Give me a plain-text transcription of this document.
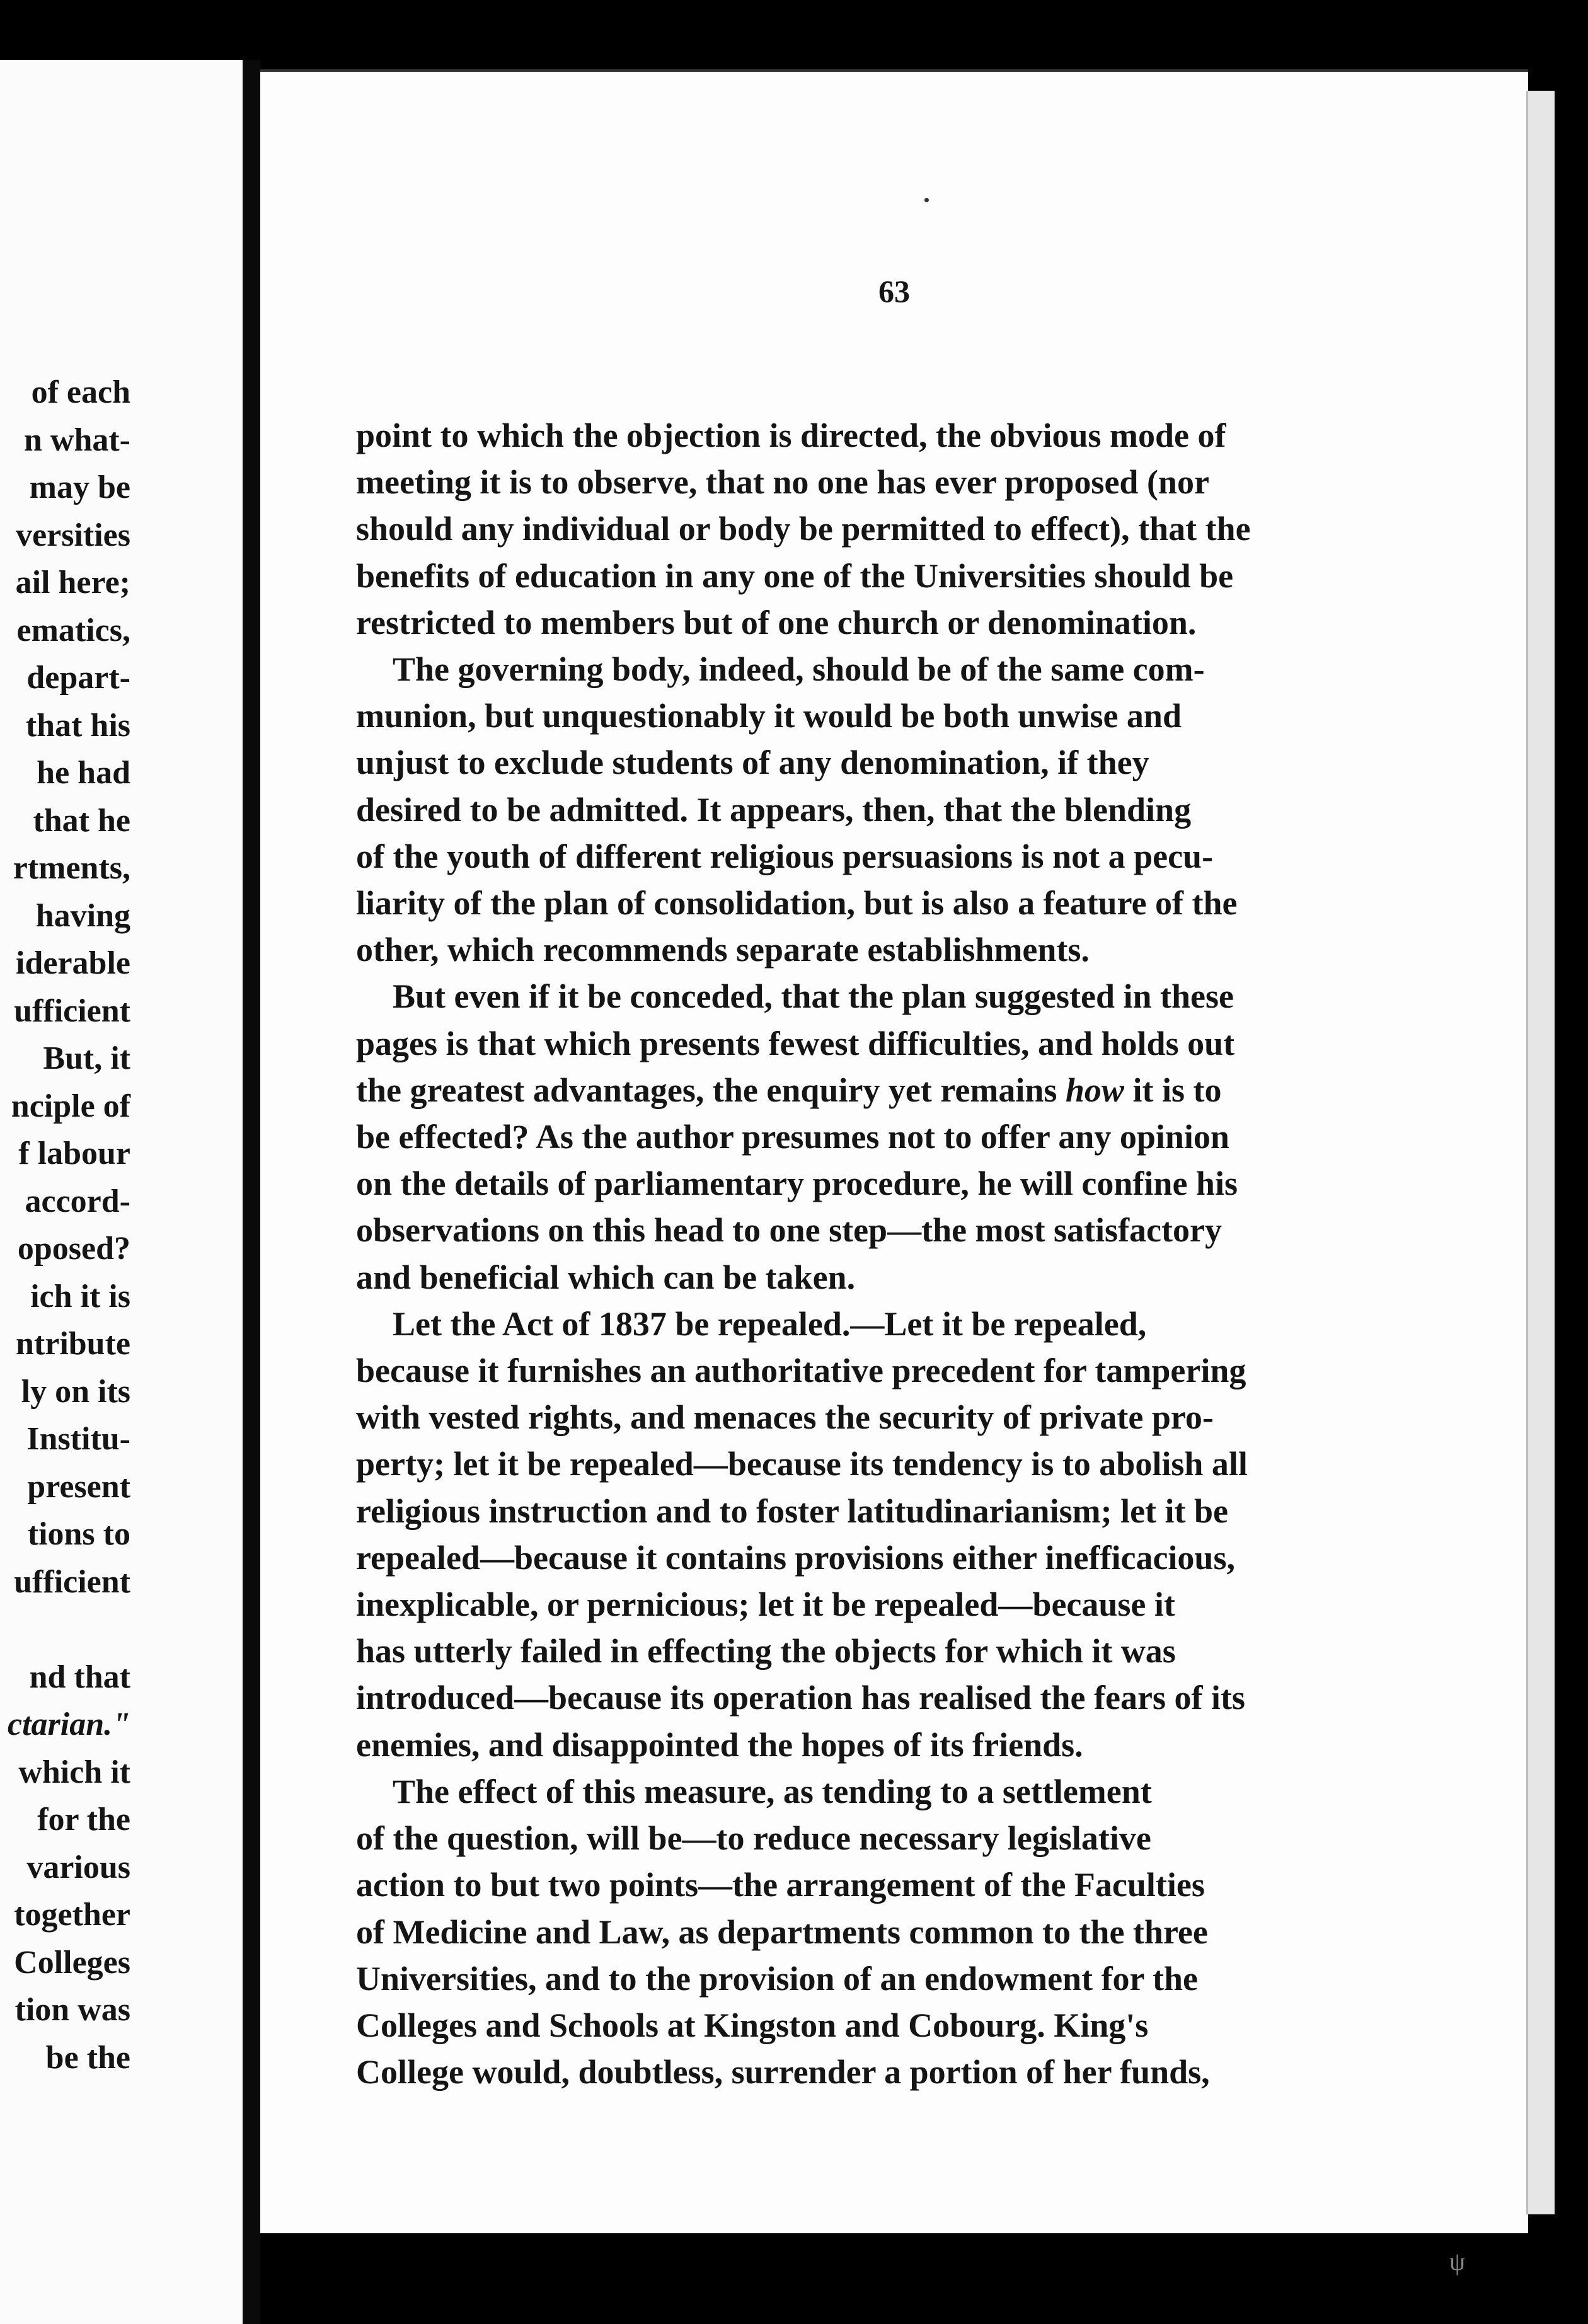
of each
n what-
may be
versities
ail here;
ematics,
depart-
that his
he had
that he
rtments,
having
iderable
ufficient
But, it
nciple of
f labour
accord-
oposed?
ich it is
ntribute
ly on its
Institu-
present
tions to
ufficient
nd that
ctarian."
which it
for the
various
together
Colleges
tion was
be the
63
point to which the objection is directed, the obvious mode of
meeting it is to observe, that no one has ever proposed (nor
should any individual or body be permitted to effect), that the
benefits of education in any one of the Universities should be
restricted to members but of one church or denomination.
The governing body, indeed, should be of the same com-
munion, but unquestionably it would be both unwise and
unjust to exclude students of any denomination, if they
desired to be admitted. It appears, then, that the blending
of the youth of different religious persuasions is not a pecu-
liarity of the plan of consolidation, but is also a feature of the
other, which recommends separate establishments.
But even if it be conceded, that the plan suggested in these
pages is that which presents fewest difficulties, and holds out
the greatest advantages, the enquiry yet remains how it is to
be effected? As the author presumes not to offer any opinion
on the details of parliamentary procedure, he will confine his
observations on this head to one step—the most satisfactory
and beneficial which can be taken.
Let the Act of 1837 be repealed.—Let it be repealed,
because it furnishes an authoritative precedent for tampering
with vested rights, and menaces the security of private pro-
perty; let it be repealed—because its tendency is to abolish all
religious instruction and to foster latitudinarianism; let it be
repealed—because it contains provisions either inefficacious,
inexplicable, or pernicious; let it be repealed—because it
has utterly failed in effecting the objects for which it was
introduced—because its operation has realised the fears of its
enemies, and disappointed the hopes of its friends.
The effect of this measure, as tending to a settlement
of the question, will be—to reduce necessary legislative
action to but two points—the arrangement of the Faculties
of Medicine and Law, as departments common to the three
Universities, and to the provision of an endowment for the
Colleges and Schools at Kingston and Cobourg. King's
College would, doubtless, surrender a portion of her funds,
ψ
